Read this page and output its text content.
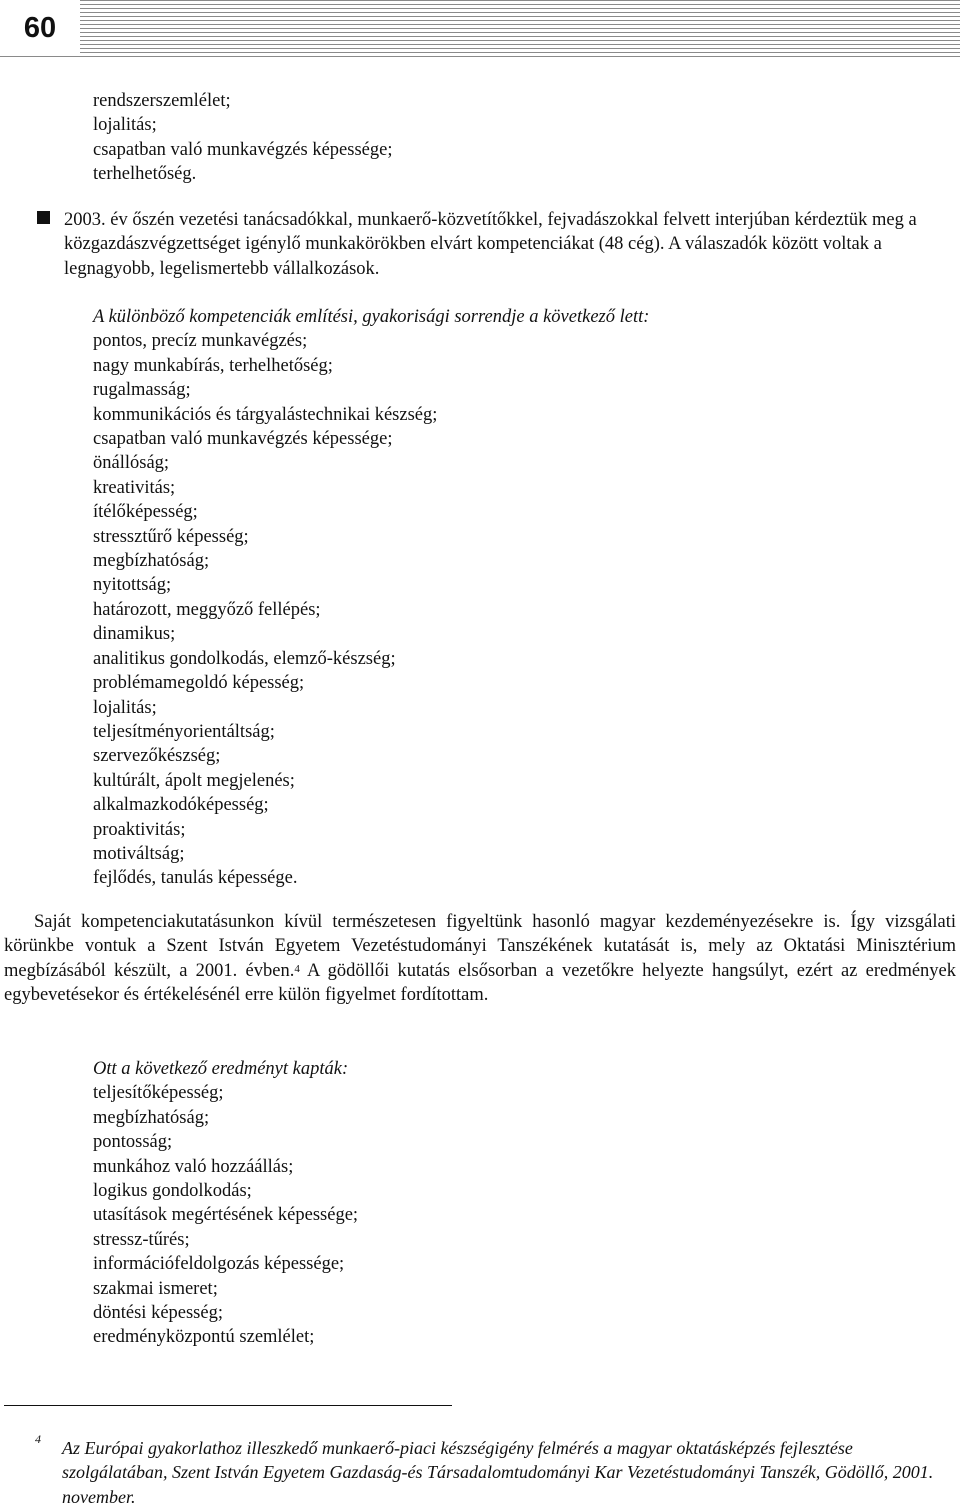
60
rendszerszemlélet;
lojalitás;
csapatban való munkavégzés képessége;
terhelhetőség.
2003. év őszén vezetési tanácsadókkal, munkaerő-közvetítőkkel, fejvadászokkal felvett interjúban kérdeztük meg a közgazdászvégzettséget igénylő munkakörökben elvárt kompetenciákat (48 cég). A válaszadók között voltak a legnagyobb, legelismertebb vállalkozások.
A különböző kompetenciák említési, gyakorisági sorrendje a következő lett:
pontos, precíz munkavégzés;
nagy munkabírás, terhelhetőség;
rugalmasság;
kommunikációs és tárgyalástechnikai készség;
csapatban való munkavégzés képessége;
önállóság;
kreativitás;
ítélőképesség;
stressztűrő képesség;
megbízhatóság;
nyitottság;
határozott, meggyőző fellépés;
dinamikus;
analitikus gondolkodás, elemző-készség;
problémamegoldó képesség;
lojalitás;
teljesítményorientáltság;
szervezőkészség;
kultúrált, ápolt megjelenés;
alkalmazkodóképesség;
proaktivitás;
motiváltság;
fejlődés, tanulás képessége.
Saját kompetenciakutatásunkon kívül természetesen figyeltünk hasonló magyar kezdeményezésekre is. Így vizsgálati körünkbe vontuk a Szent István Egyetem Vezetéstudományi Tanszékének kutatását is, mely az Oktatási Minisztérium megbízásából készült, a 2001. évben.$^4$ A gödöllői kutatás elsősorban a vezetőkre helyezte hangsúlyt, ezért az eredmények egybevetésekor és értékelésénél erre külön figyelmet fordítottam.
Ott a következő eredményt kapták:
teljesítőképesség;
megbízhatóság;
pontosság;
munkához való hozzáállás;
logikus gondolkodás;
utasítások megértésének képessége;
stressz-tűrés;
információfeldolgozás képessége;
szakmai ismeret;
döntési képesség;
eredményközpontú szemlélet;
4 Az Európai gyakorlathoz illeszkedő munkaerő-piaci készségigény felmérés a magyar oktatásképzés fejlesztése szolgálatában, Szent István Egyetem Gazdaság-és Társadalomtudományi Kar Vezetéstudományi Tanszék, Gödöllő, 2001. november.
